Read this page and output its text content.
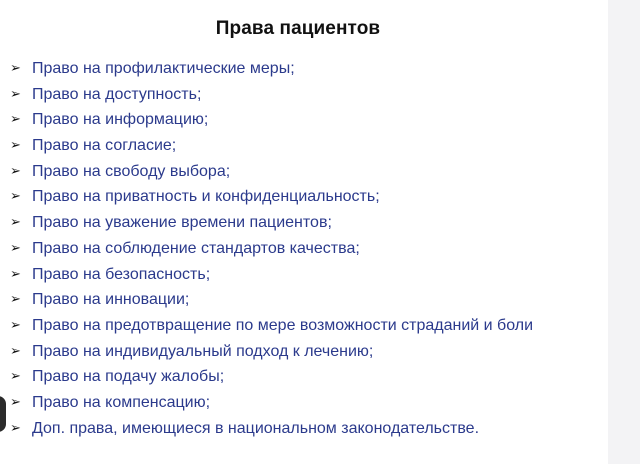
Права пациентов
➢ Право на профилактические меры;
➢ Право на доступность;
➢ Право на информацию;
➢ Право на согласие;
➢ Право на свободу выбора;
➢ Право на приватность и конфиденциальность;
➢ Право на уважение времени пациентов;
➢ Право на соблюдение стандартов качества;
➢ Право на безопасность;
➢ Право на инновации;
➢ Право на предотвращение по мере возможности страданий и боли
➢ Право на индивидуальный подход к лечению;
➢ Право на подачу жалобы;
➢ Право на компенсацию;
➢ Доп. права, имеющиеся в национальном законодательстве.
